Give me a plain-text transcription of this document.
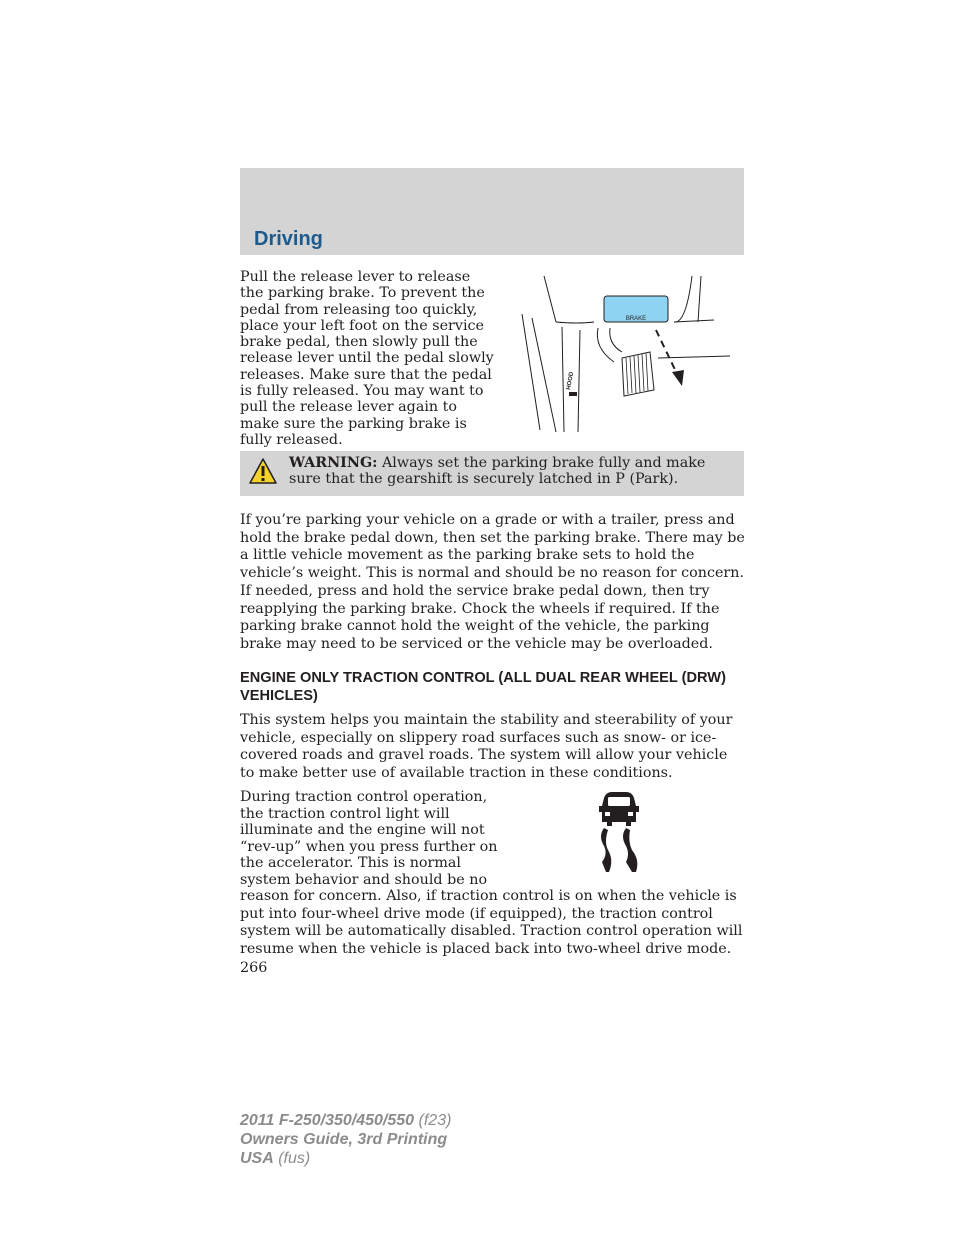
Driving

Pull the release lever to release the parking brake. To prevent the pedal from releasing too quickly, place your left foot on the service brake pedal, then slowly pull the release lever until the pedal slowly releases. Make sure that the pedal is fully released. You may want to pull the release lever again to make sure the parking brake is fully released.

BRAKE
HOOD

WARNING: Always set the parking brake fully and make sure that the gearshift is securely latched in P (Park).

If you’re parking your vehicle on a grade or with a trailer, press and hold the brake pedal down, then set the parking brake. There may be a little vehicle movement as the parking brake sets to hold the vehicle’s weight. This is normal and should be no reason for concern. If needed, press and hold the service brake pedal down, then try reapplying the parking brake. Chock the wheels if required. If the parking brake cannot hold the weight of the vehicle, the parking brake may need to be serviced or the vehicle may be overloaded.

ENGINE ONLY TRACTION CONTROL (ALL DUAL REAR WHEEL (DRW) VEHICLES)

This system helps you maintain the stability and steerability of your vehicle, especially on slippery road surfaces such as snow- or ice-covered roads and gravel roads. The system will allow your vehicle to make better use of available traction in these conditions.

During traction control operation,
the traction control light will
illuminate and the engine will not
“rev-up” when you press further on
the accelerator. This is normal
system behavior and should be no
reason for concern. Also, if traction control is on when the vehicle is put into four-wheel drive mode (if equipped), the traction control system will be automatically disabled. Traction control operation will resume when the vehicle is placed back into two-wheel drive mode.

266

2011 F-250/350/450/550 (f23)
Owners Guide, 3rd Printing
USA (fus)
